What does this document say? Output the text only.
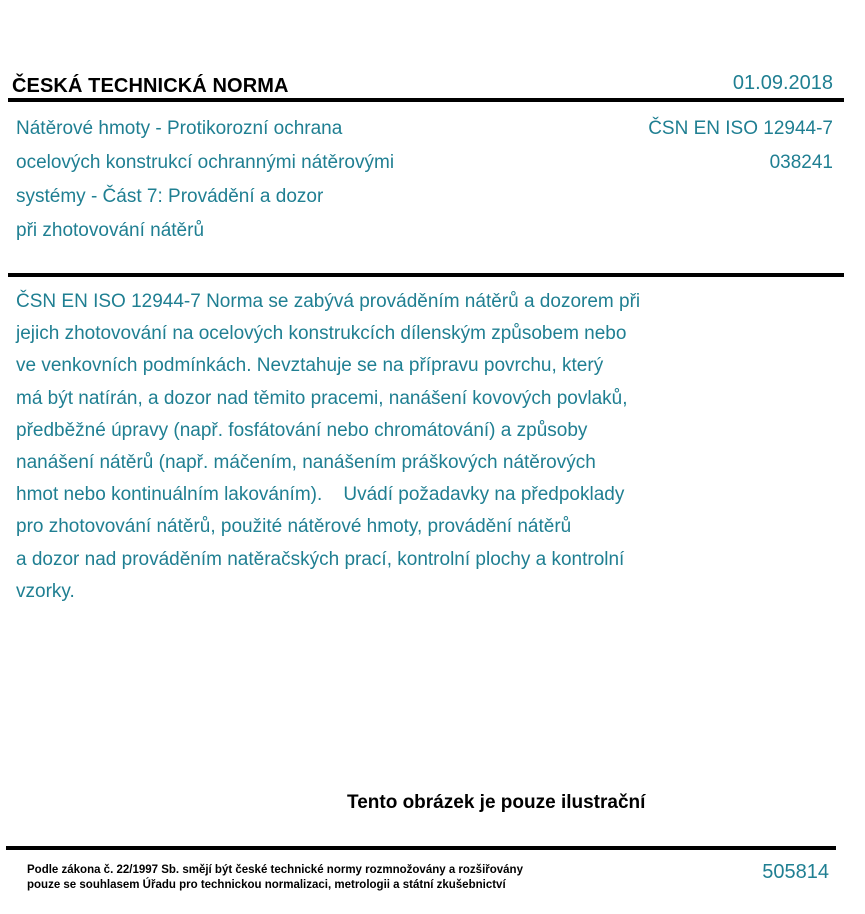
ČESKÁ TECHNICKÁ NORMA	01.09.2018
Nátěrové hmoty - Protikorozní ochrana
ocelových konstrukcí ochrannými nátěrovými
systémy - Část 7: Provádění a dozor
při zhotovování nátěrů
ČSN EN ISO 12944-7
038241
ČSN EN ISO 12944-7 Norma se zabývá prováděním nátěrů a dozorem při
jejich zhotovování na ocelových konstrukcích dílenským způsobem nebo
ve venkovních podmínkách. Nevztahuje se na přípravu povrchu, který
má být natírán, a dozor nad těmito pracemi, nanášení kovových povlaků,
předběžné úpravy (např. fosfátování nebo chromátování) a způsoby
nanášení nátěrů (např. máčením, nanášením práškových nátěrových
hmot nebo kontinuálním lakováním).    Uvádí požadavky na předpoklady
pro zhotovování nátěrů, použité nátěrové hmoty, provádění nátěrů
a dozor nad prováděním natěračských prací, kontrolní plochy a kontrolní
vzorky.
Tento obrázek je pouze ilustrační
Podle zákona č. 22/1997 Sb. smějí být české technické normy rozmnožovány a rozšiřovány
pouze se souhlasem Úřadu pro technickou normalizaci, metrologii a státní zkušebnictví
505814
